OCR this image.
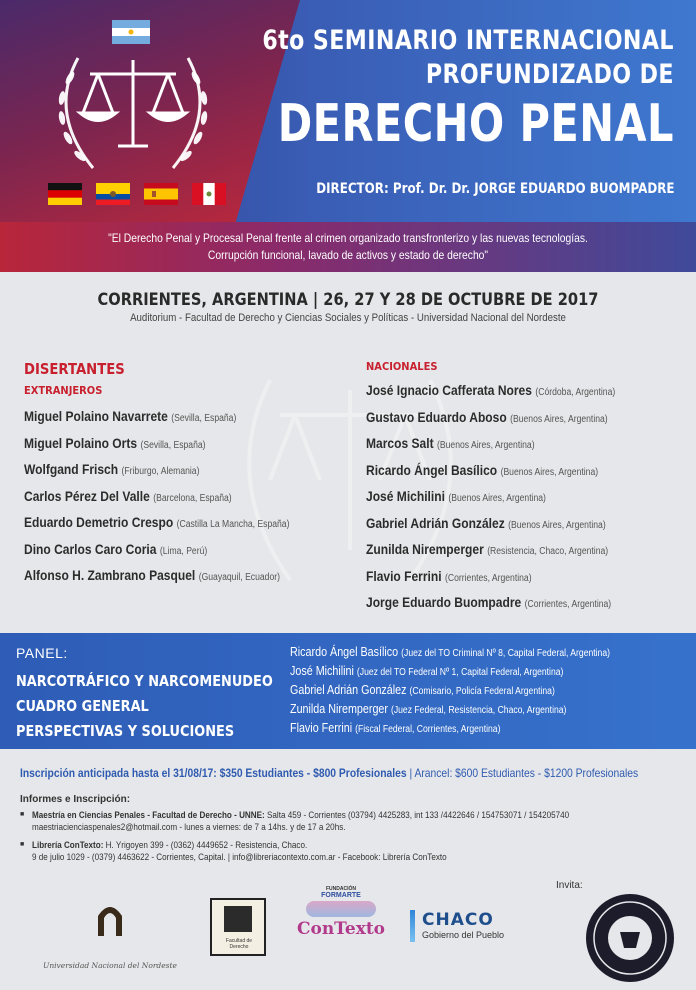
6to SEMINARIO INTERNACIONAL
PROFUNDIZADO DE
DERECHO PENAL
DIRECTOR: Prof. Dr. Dr. JORGE EDUARDO BUOMPADRE
"El Derecho Penal y Procesal Penal frente al crimen organizado transfronterizo y las nuevas tecnologías.
Corrupción funcional, lavado de activos y estado de derecho"
CORRIENTES, ARGENTINA | 26, 27 Y 28 DE OCTUBRE DE 2017
Auditorium - Facultad de Derecho y Ciencias Sociales y Políticas - Universidad Nacional del Nordeste
DISERTANTES
EXTRANJEROS
Miguel Polaino Navarrete (Sevilla, España)
Miguel Polaino Orts (Sevilla, España)
Wolfgand Frisch (Friburgo, Alemania)
Carlos Pérez Del Valle (Barcelona, España)
Eduardo Demetrio Crespo (Castilla La Mancha, España)
Dino Carlos Caro Coria (Lima, Perú)
Alfonso H. Zambrano Pasquel (Guayaquil, Ecuador)
NACIONALES
José Ignacio Cafferata Nores (Córdoba, Argentina)
Gustavo Eduardo Aboso (Buenos Aires, Argentina)
Marcos Salt (Buenos Aires, Argentina)
Ricardo Ángel Basílico (Buenos Aires, Argentina)
José Michilini (Buenos Aires, Argentina)
Gabriel Adrián González (Buenos Aires, Argentina)
Zunilda Niremperger (Resistencia, Chaco, Argentina)
Flavio Ferrini (Corrientes, Argentina)
Jorge Eduardo Buompadre (Corrientes, Argentina)
PANEL:
NARCOTRÁFICO Y NARCOMENUDEO
CUADRO GENERAL
PERSPECTIVAS Y SOLUCIONES
Ricardo Ángel Basílico (Juez del TO Criminal Nº 8, Capital Federal, Argentina)
José Michilini (Juez del TO Federal Nº 1, Capital Federal, Argentina)
Gabriel Adrián González (Comisario, Policía Federal Argentina)
Zunilda Niremperger (Juez Federal, Resistencia, Chaco, Argentina)
Flavio Ferrini (Fiscal Federal, Corrientes, Argentina)
Inscripción anticipada hasta el 31/08/17: $350 Estudiantes - $800 Profesionales | Arancel: $600 Estudiantes - $1200 Profesionales
Informes e Inscripción:
■ Maestría en Ciencias Penales - Facultad de Derecho - UNNE: Salta 459 - Corrientes (03794) 4425283, int 133 /4422646 / 154753071 / 154205740
maestriacienciaspenales2@hotmail.com - lunes a viernes: de 7 a 14hs. y de 17 a 20hs.
■ Librería ConTexto: H. Yrigoyen 399 - (0362) 4449652 - Resistencia, Chaco.
9 de julio 1029 - (0379) 4463622 - Corrientes, Capital. | info@libreriacontexto.com.ar - Facebook: Librería ConTexto
Universidad Nacional del Nordeste
Facultad de Derecho
FUNDACIÓN
FORMARTE
ConTexto CHACO
Gobierno del Pueblo
Invita:
